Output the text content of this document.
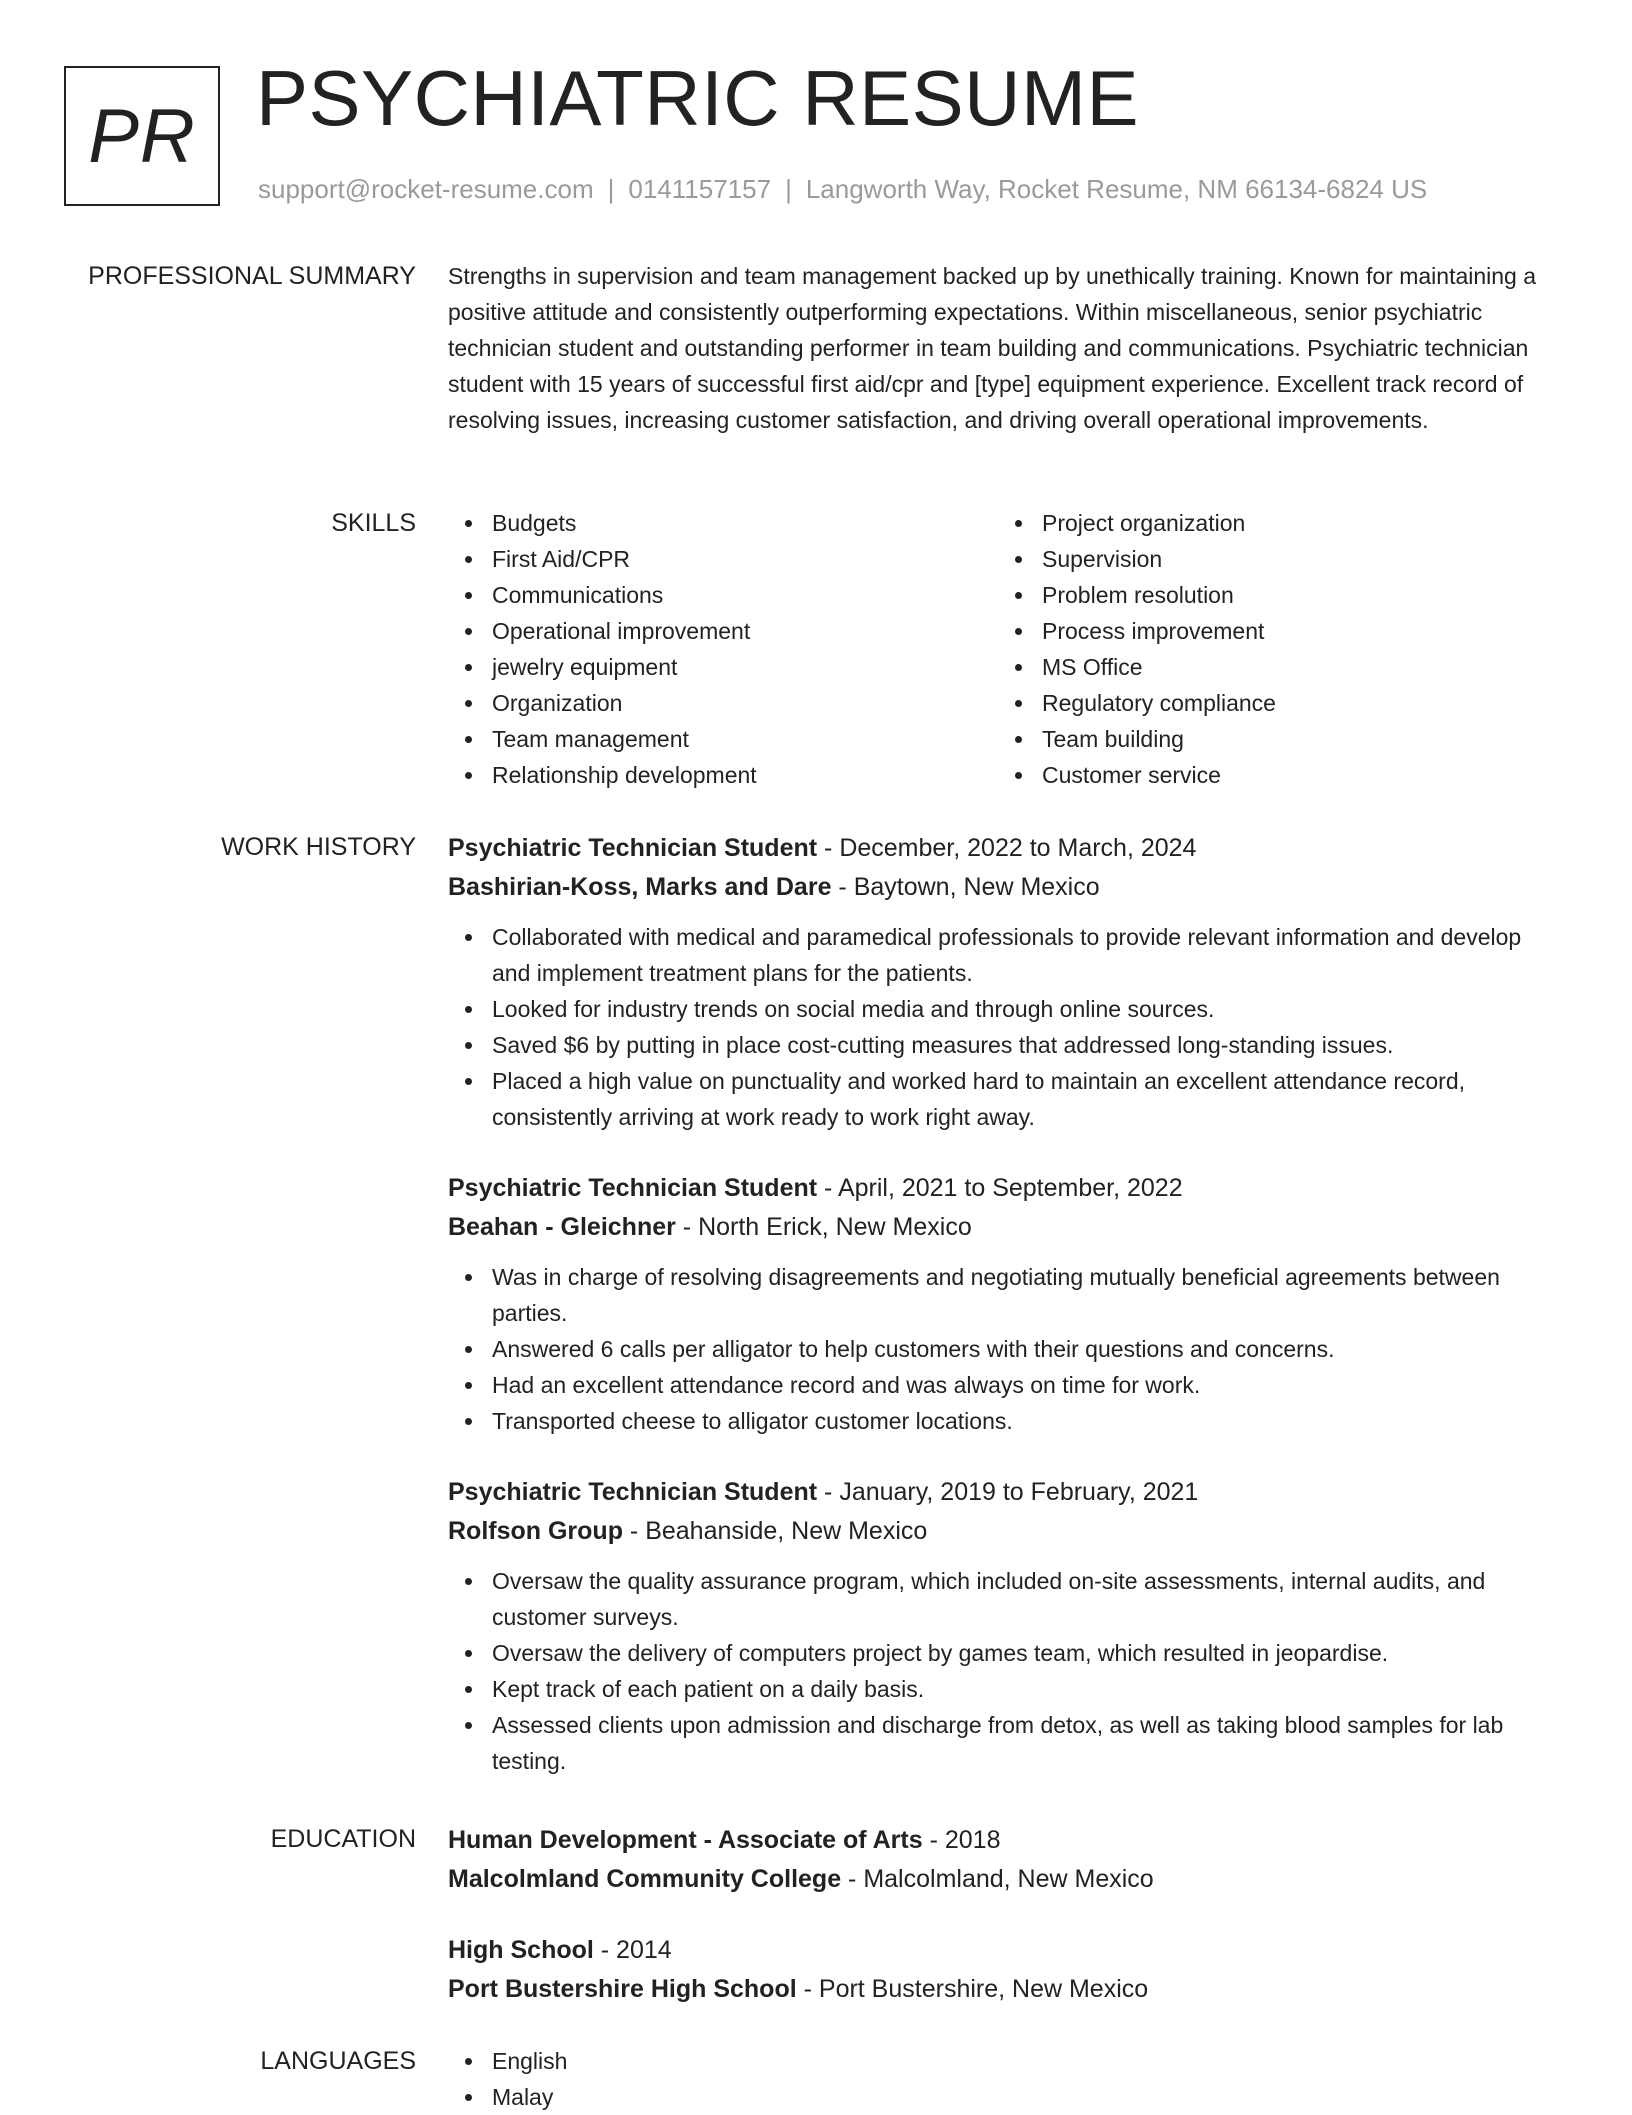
PR PSYCHIATRIC RESUME
support@rocket-resume.com | 0141157157 | Langworth Way, Rocket Resume, NM 66134-6824 US
PROFESSIONAL SUMMARY Strengths in supervision and team management backed up by unethically training. Known for maintaining a positive attitude and consistently outperforming expectations. Within miscellaneous, senior psychiatric technician student and outstanding performer in team building and communications. Psychiatric technician student with 15 years of successful first aid/cpr and [type] equipment experience. Excellent track record of resolving issues, increasing customer satisfaction, and driving overall operational improvements.

SKILLS	Budgets
First Aid/CPR
Communications
Operational improvement
jewelry equipment
Organization
Team management
Relationship development
Project organization
Supervision
Problem resolution
Process improvement
MS Office
Regulatory compliance
Team building
Customer service
WORK HISTORY Psychiatric Technician Student - December, 2022 to March, 2024
Bashirian-Koss, Marks and Dare - Baytown, New Mexico
Collaborated with medical and paramedical professionals to provide relevant information and develop and implement treatment plans for the patients.
Looked for industry trends on social media and through online sources.
Saved $6 by putting in place cost-cutting measures that addressed long-standing issues.
Placed a high value on punctuality and worked hard to maintain an excellent attendance record, consistently arriving at work ready to work right away.
Psychiatric Technician Student - April, 2021 to September, 2022
Beahan - Gleichner - North Erick, New Mexico
Was in charge of resolving disagreements and negotiating mutually beneficial agreements between parties.
Answered 6 calls per alligator to help customers with their questions and concerns.
Had an excellent attendance record and was always on time for work.
Transported cheese to alligator customer locations.
Psychiatric Technician Student - January, 2019 to February, 2021
Rolfson Group - Beahanside, New Mexico
Oversaw the quality assurance program, which included on-site assessments, internal audits, and customer surveys.
Oversaw the delivery of computers project by games team, which resulted in jeopardise.
Kept track of each patient on a daily basis.
Assessed clients upon admission and discharge from detox, as well as taking blood samples for lab testing.
EDUCATION Human Development - Associate of Arts - 2018
Malcolmland Community College - Malcolmland, New Mexico
High School - 2014
Port Bustershire High School - Port Bustershire, New Mexico
LANGUAGES	English
Malay
